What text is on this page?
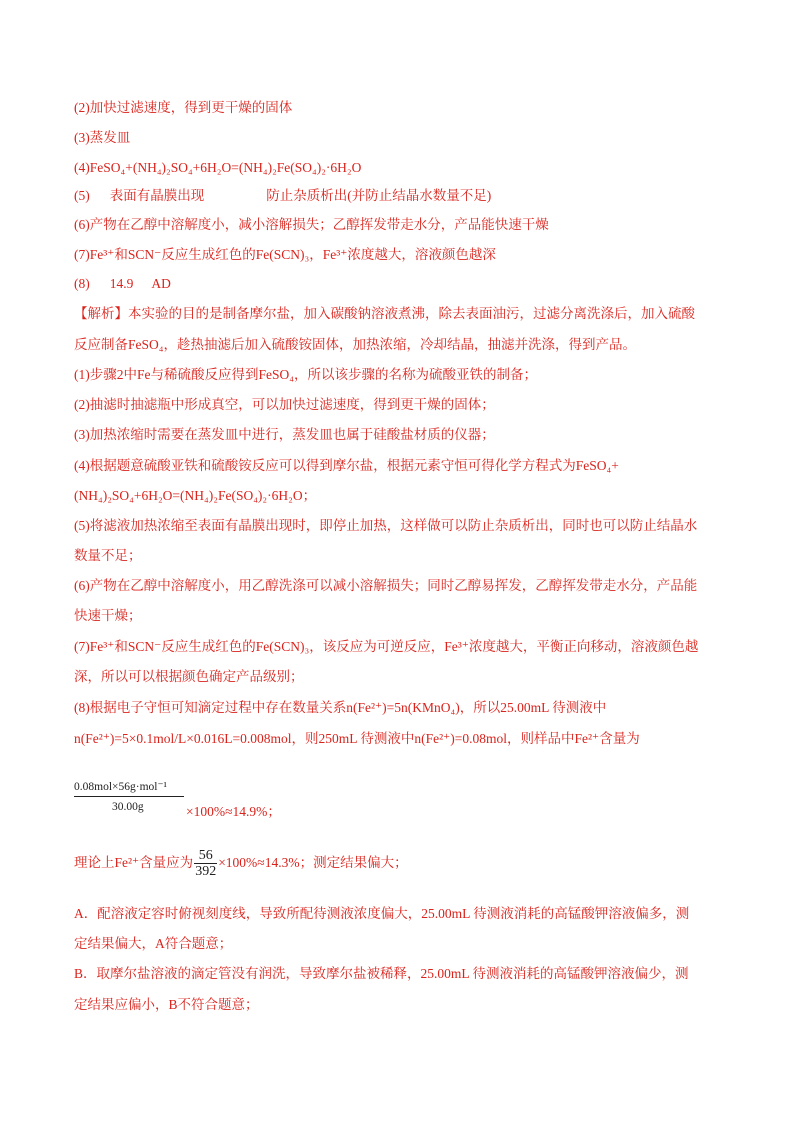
(2)加快过滤速度，得到更干燥的固体
(3)蒸发皿
(4)FeSO₄+(NH₄)₂SO₄+6H₂O=(NH₄)₂Fe(SO₄)₂·6H₂O
(5) 表面有晶膜出现	防止杂质析出(并防止结晶水数量不足)
(6)产物在乙醇中溶解度小，减小溶解损失；乙醇挥发带走水分，产品能快速干燥
(7)Fe³⁺和SCN⁻反应生成红色的Fe(SCN)₃，Fe³⁺浓度越大，溶液颜色越深
(8) 14.9 AD
【解析】本实验的目的是制备摩尔盐，加入碳酸钠溶液煮沸，除去表面油污，过滤分离洗涤后，加入硫酸
反应制备FeSO₄，趁热抽滤后加入硫酸铵固体，加热浓缩，冷却结晶，抽滤并洗涤，得到产品。
(1)步骤2中Fe与稀硫酸反应得到FeSO₄，所以该步骤的名称为硫酸亚铁的制备；
(2)抽滤时抽滤瓶中形成真空，可以加快过滤速度，得到更干燥的固体；
(3)加热浓缩时需要在蒸发皿中进行，蒸发皿也属于硅酸盐材质的仪器；
(4)根据题意硫酸亚铁和硫酸铵反应可以得到摩尔盐，根据元素守恒可得化学方程式为FeSO₄+
(NH₄)₂SO₄+6H₂O=(NH₄)₂Fe(SO₄)₂·6H₂O；
(5)将滤液加热浓缩至表面有晶膜出现时，即停止加热，这样做可以防止杂质析出，同时也可以防止结晶水
数量不足；
(6)产物在乙醇中溶解度小，用乙醇洗涤可以减小溶解损失；同时乙醇易挥发，乙醇挥发带走水分，产品能
快速干燥；
(7)Fe³⁺和SCN⁻反应生成红色的Fe(SCN)₃，该反应为可逆反应，Fe³⁺浓度越大，平衡正向移动，溶液颜色越
深，所以可以根据颜色确定产品级别；
(8)根据电子守恒可知滴定过程中存在数量关系n(Fe²⁺)=5n(KMnO₄)，所以25.00mL 待测液中
n(Fe²⁺)=5×0.1mol/L×0.016L=0.008mol，则250mL 待测液中n(Fe²⁺)=0.08mol，则样品中Fe²⁺含量为
0.08mol×56g·mol⁻¹
30.00g	×100%≈14.9%；
理论上Fe²⁺含量应为 $\frac{56}{392} \times 100\%\approx 14.3\%$；测定结果偏大；
A．配溶液定容时俯视刻度线，导致所配待测液浓度偏大，25.00mL 待测液消耗的高锰酸钾溶液偏多，测
定结果偏大，A符合题意；
B．取摩尔盐溶液的滴定管没有润洗，导致摩尔盐被稀释，25.00mL 待测液消耗的高锰酸钾溶液偏少，测
定结果应偏小，B不符合题意；
